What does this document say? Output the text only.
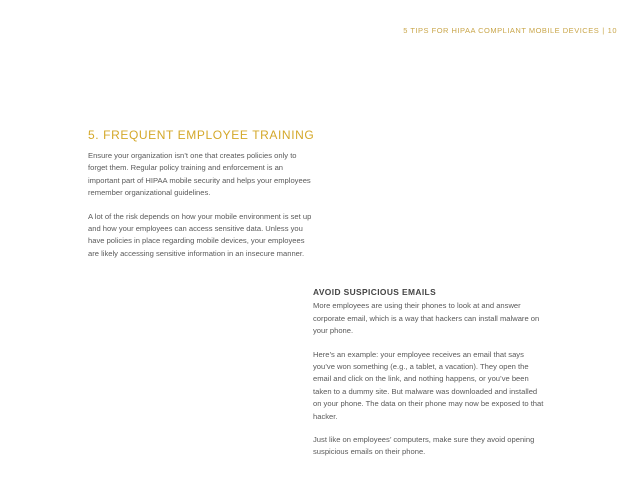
5 TIPS FOR HIPAA COMPLIANT MOBILE DEVICES | 10
5. FREQUENT EMPLOYEE TRAINING

Ensure your organization isn’t one that creates policies only to forget them. Regular policy training and enforcement is an important part of HIPAA mobile security and helps your employees remember organizational guidelines.

A lot of the risk depends on how your mobile environment is set up and how your employees can access sensitive data. Unless you have policies in place regarding mobile devices, your employees are likely accessing sensitive information in an insecure manner.

AVOID SUSPICIOUS EMAILS

More employees are using their phones to look at and answer corporate email, which is a way that hackers can install malware on your phone.

Here’s an example: your employee receives an email that says you’ve won something (e.g., a tablet, a vacation). They open the email and click on the link, and nothing happens, or you’ve been taken to a dummy site. But malware was downloaded and installed on your phone. The data on their phone may now be exposed to that hacker.

Just like on employees’ computers, make sure they avoid opening suspicious emails on their phone.
